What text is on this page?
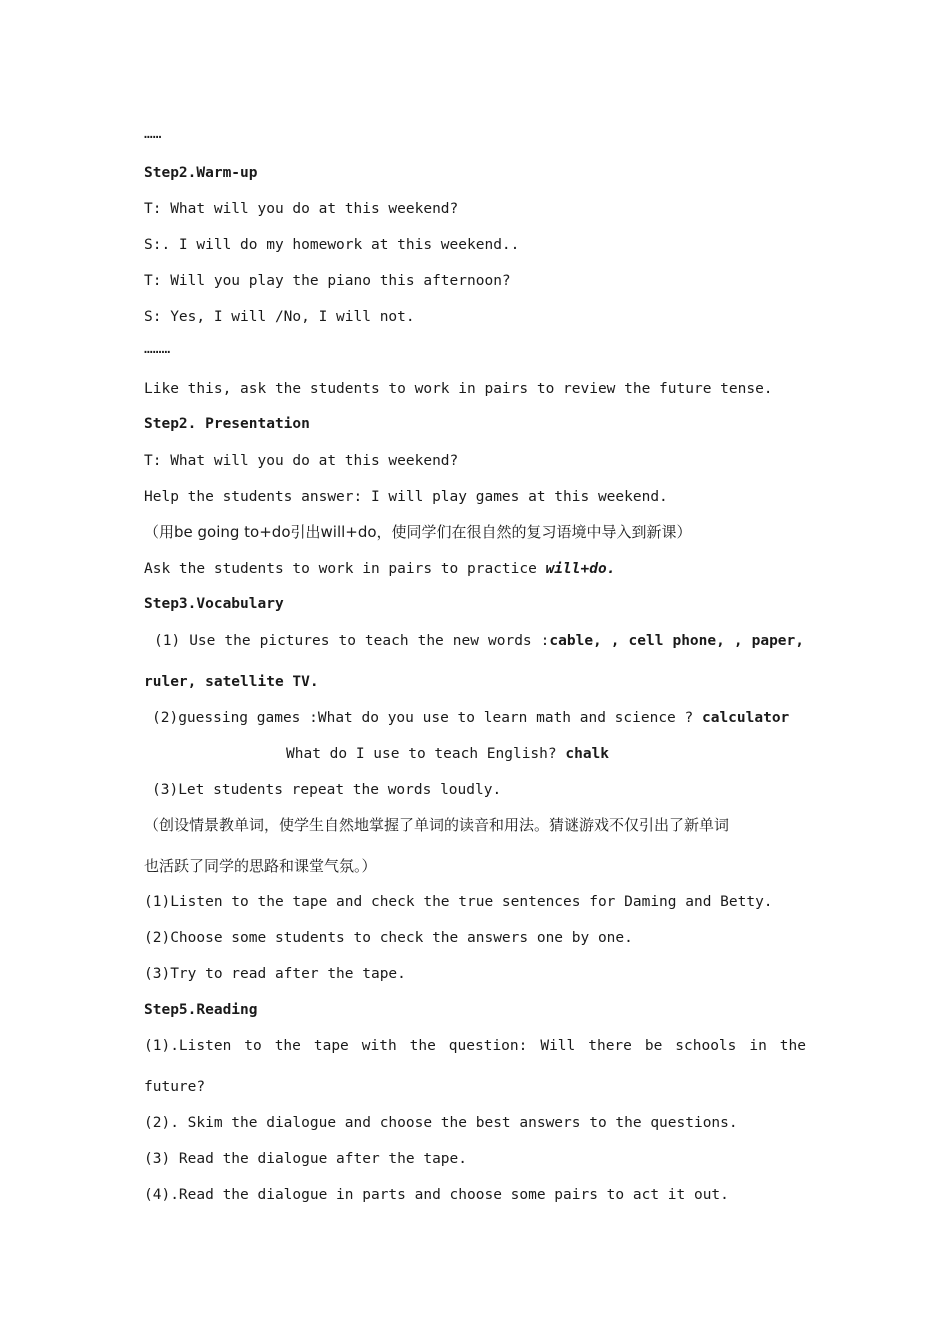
……
Step2.Warm-up
T: What will you do at this weekend?
S:. I will do my homework at this weekend..
T: Will you play the piano this afternoon?
S: Yes, I will /No, I will not.
………
Like this, ask the students to work in pairs to review the future tense.
Step2. Presentation
T: What will you do at this weekend?
Help the students answer: I will play games at this weekend.
（用be going to+do引出will+do，使同学们在很自然的复习语境中导入到新课）
Ask the students to work in pairs to practice will+do.
Step3.Vocabulary
(1) Use the pictures to teach the new words :cable, , cell phone, , paper,
ruler, satellite TV.
(2)guessing games :What do you use to learn math and science ? calculator
What do I use to teach English? chalk
(3)Let students repeat the words loudly.
（创设情景教单词，使学生自然地掌握了单词的读音和用法。猜谜游戏不仅引出了新单词
也活跃了同学的思路和课堂气氛。）
(1)Listen to the tape and check the true sentences for Daming and Betty.
(2)Choose some students to check the answers one by one.
(3)Try to read after the tape.
Step5.Reading
(1).Listen to the tape with the question: Will there be schools in the
future?
(2). Skim the dialogue and choose the best answers to the questions.
(3) Read the dialogue after the tape.
(4).Read the dialogue in parts and choose some pairs to act it out.
